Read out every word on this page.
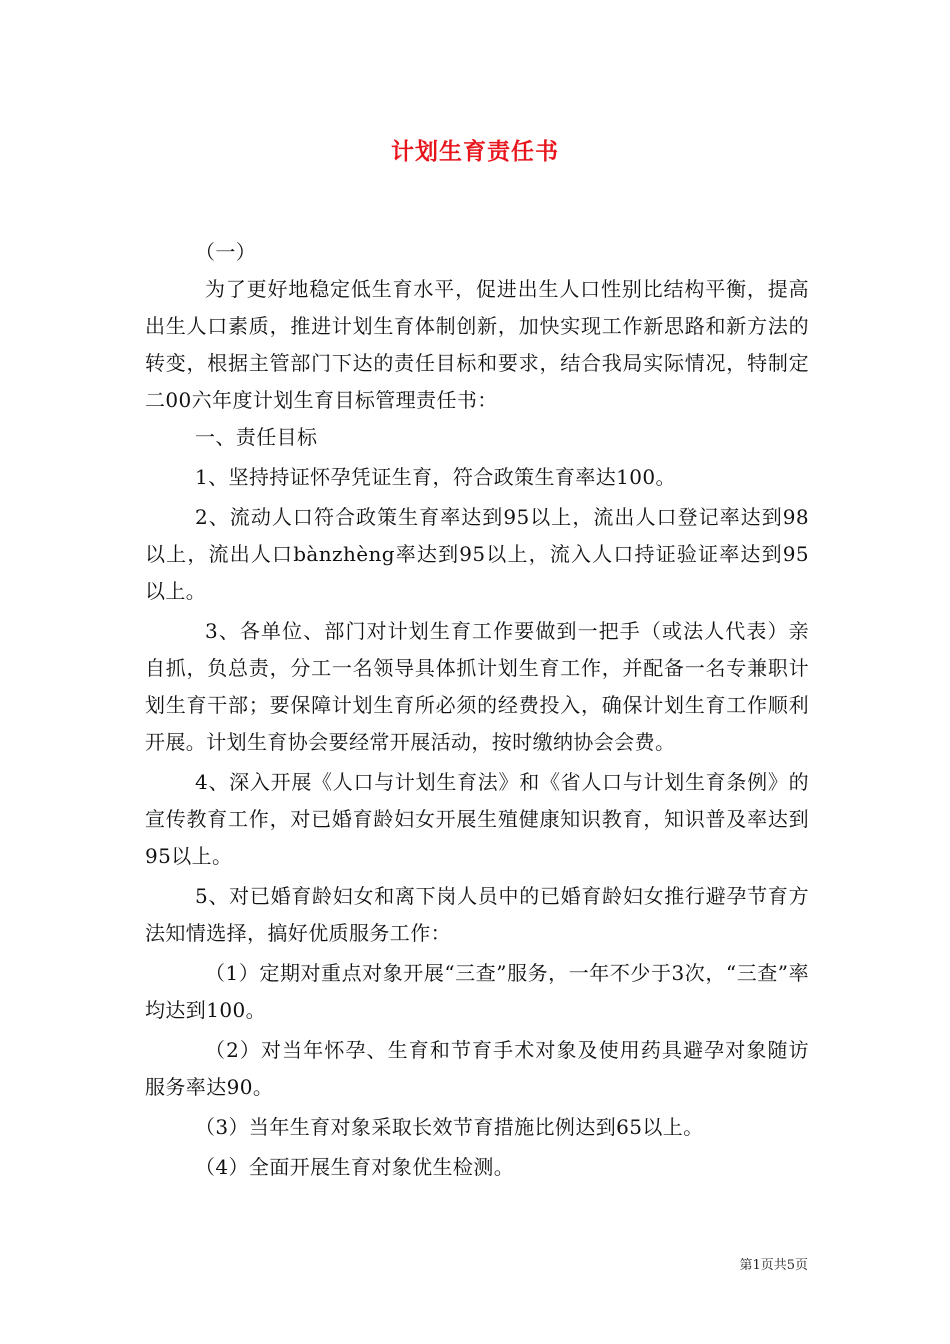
计划生育责任书

（一）

为了更好地稳定低生育水平，促进出生人口性别比结构平衡，提高出生人口素质，推进计划生育体制创新，加快实现工作新思路和新方法的转变，根据主管部门下达的责任目标和要求，结合我局实际情况，特制定二00六年度计划生育目标管理责任书：

一、责任目标

1、坚持持证怀孕凭证生育，符合政策生育率达100。

2、流动人口符合政策生育率达到95以上，流出人口登记率达到98以上，流出人口bànzhèng率达到95以上，流入人口持证验证率达到95以上。

3、各单位、部门对计划生育工作要做到一把手（或法人代表）亲自抓，负总责，分工一名领导具体抓计划生育工作，并配备一名专兼职计划生育干部；要保障计划生育所必须的经费投入，确保计划生育工作顺利开展。计划生育协会要经常开展活动，按时缴纳协会会费。

4、深入开展《人口与计划生育法》和《省人口与计划生育条例》的宣传教育工作，对已婚育龄妇女开展生殖健康知识教育，知识普及率达到95以上。

5、对已婚育龄妇女和离下岗人员中的已婚育龄妇女推行避孕节育方法知情选择，搞好优质服务工作：

（1）定期对重点对象开展“三查”服务，一年不少于3次，“三查”率均达到100。

（2）对当年怀孕、生育和节育手术对象及使用药具避孕对象随访服务率达90。

（3）当年生育对象采取长效节育措施比例达到65以上。

（4）全面开展生育对象优生检测。

第1页共5页
